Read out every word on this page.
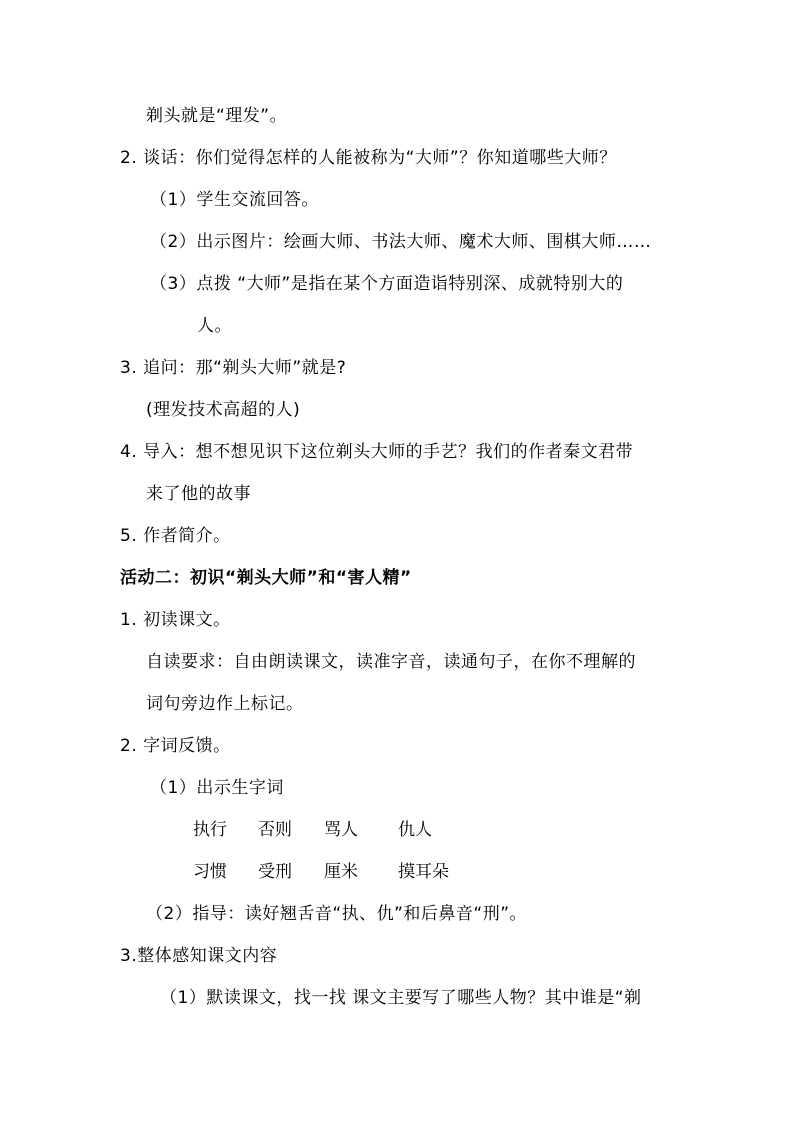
剃头就是“理发”。
2. 谈话：你们觉得怎样的人能被称为“大师”？你知道哪些大师？
（1）学生交流回答。
（2）出示图片：绘画大师、书法大师、魔术大师、围棋大师……
（3）点拨 “大师”是指在某个方面造诣特别深、成就特别大的
人。
3. 追问：那“剃头大师”就是?
(理发技术高超的人)
4. 导入：想不想见识下这位剃头大师的手艺？我们的作者秦文君带
来了他的故事
5. 作者简介。
活动二：初识“剃头大师”和“害人精”
1. 初读课文。
自读要求：自由朗读课文，读准字音，读通句子，在你不理解的
词句旁边作上标记。
2. 字词反馈。
（1）出示生字词
执行 否则 骂人 仇人
习惯 受刑 厘米 摸耳朵
（2）指导：读好翘舌音“执、仇”和后鼻音“刑”。
3.整体感知课文内容
（1）默读课文，找一找 课文主要写了哪些人物？其中谁是“剃
